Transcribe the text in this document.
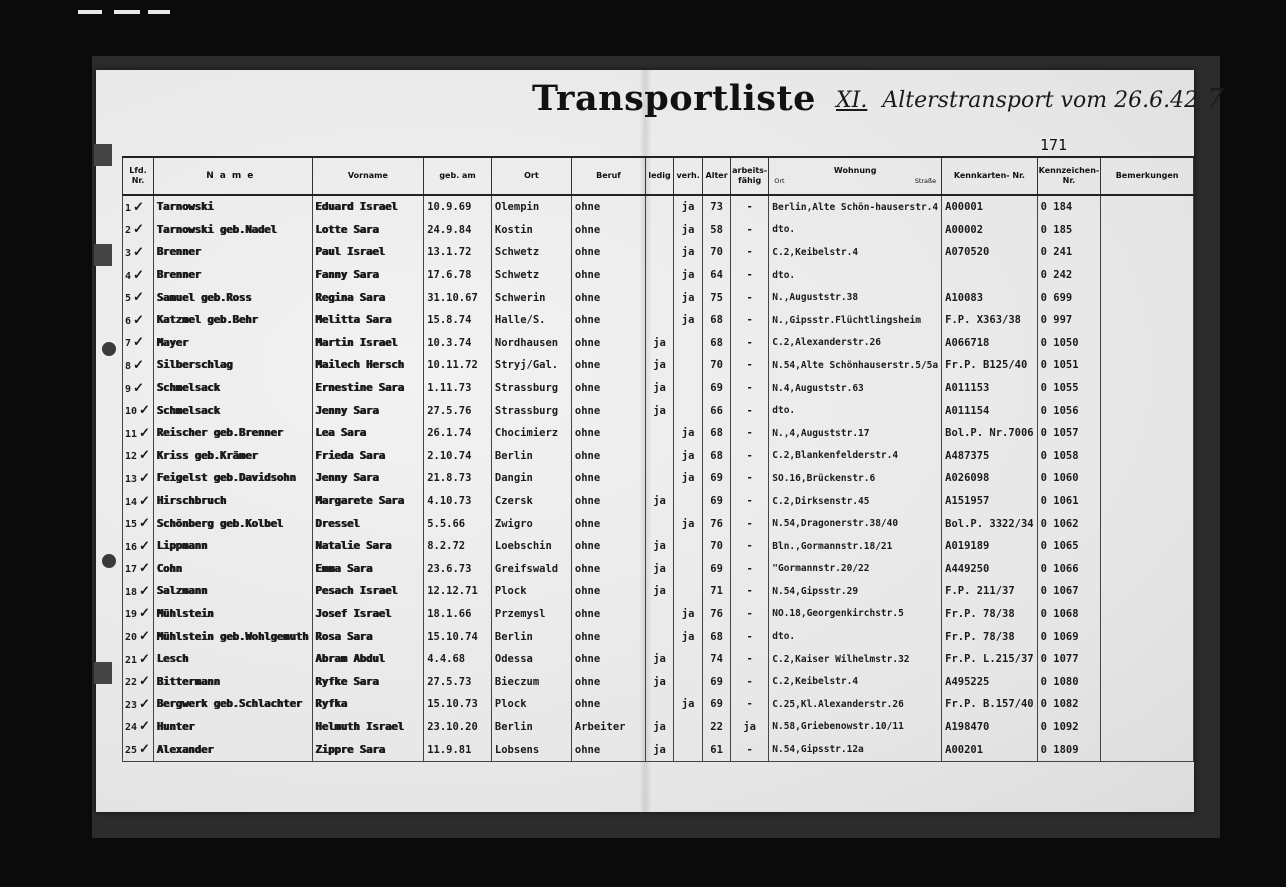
Transportliste XI. Alterstransport vom 26.6.42 7
171
Lfd. Nr.	Name	Vorname	geb. am	Ort	Beruf	ledig	verh.	Alter	arbeits- fähig	Wohnung
Ort Straße	Kennkarten- Nr.	Kennzeichen- Nr.	Bemerkungen
1 ✓	Tarnowski	Eduard Israel	10.9.69	Olempin	ohne		ja	73	-	Berlin,Alte Schön-hauserstr.4	A00001	0 184	
2 ✓	Tarnowski geb.Nadel	Lotte Sara	24.9.84	Kostin	ohne		ja	58	-	dto.	A00002	0 185	
3 ✓	Brenner	Paul Israel	13.1.72	Schwetz	ohne		ja	70	-	C.2,Keibelstr.4	A070520	0 241	
4 ✓	Brenner	Fanny Sara	17.6.78	Schwetz	ohne		ja	64	-	dto.		0 242	
5 ✓	Samuel geb.Ross	Regina Sara	31.10.67	Schwerin	ohne		ja	75	-	N.,Auguststr.38	A10083	0 699	
6 ✓	Katzmel geb.Behr	Melitta Sara	15.8.74	Halle/S.	ohne		ja	68	-	N.,Gipsstr.Flüchtlingsheim	F.P. X363/38	0 997	
7 ✓	Mayer	Martin Israel	10.3.74	Nordhausen	ohne	ja		68	-	C.2,Alexanderstr.26	A066718	0 1050	
8 ✓	Silberschlag	Mailech Hersch	10.11.72	Stryj/Gal.	ohne	ja		70	-	N.54,Alte Schönhauserstr.5/5a	Fr.P. B125/40	0 1051	
9 ✓	Schmelsack	Ernestine Sara	1.11.73	Strassburg	ohne	ja		69	-	N.4,Auguststr.63	A011153	0 1055	
10 ✓	Schmelsack	Jenny Sara	27.5.76	Strassburg	ohne	ja		66	-	dto.	A011154	0 1056	
11 ✓	Reischer geb.Brenner	Lea Sara	26.1.74	Chocimierz	ohne		ja	68	-	N.,4,Auguststr.17	Bol.P. Nr.7006	0 1057	
12 ✓	Kriss geb.Krämer	Frieda Sara	2.10.74	Berlin	ohne		ja	68	-	C.2,Blankenfelderstr.4	A487375	0 1058	
13 ✓	Feigelst geb.Davidsohn	Jenny Sara	21.8.73	Dangin	ohne		ja	69	-	SO.16,Brückenstr.6	A026098	0 1060	
14 ✓	Hirschbruch	Margarete Sara	4.10.73	Czersk	ohne	ja		69	-	C.2,Dirksenstr.45	A151957	0 1061	
15 ✓	Schönberg geb.Kolbel	Dressel	5.5.66	Zwigro	ohne		ja	76	-	N.54,Dragonerstr.38/40	Bol.P. 3322/34	0 1062	
16 ✓	Lippmann	Natalie Sara	8.2.72	Loebschin	ohne	ja		70	-	Bln.,Gormannstr.18/21	A019189	0 1065	
17 ✓	Cohn	Emma Sara	23.6.73	Greifswald	ohne	ja		69	-	"Gormannstr.20/22	A449250	0 1066	
18 ✓	Salzmann	Pesach Israel	12.12.71	Plock	ohne	ja		71	-	N.54,Gipsstr.29	F.P. 211/37	0 1067	
19 ✓	Mühlstein	Josef Israel	18.1.66	Przemysl	ohne		ja	76	-	NO.18,Georgenkirchstr.5	Fr.P. 78/38	0 1068	
20 ✓	Mühlstein geb.Wohlgemuth	Rosa Sara	15.10.74	Berlin	ohne		ja	68	-	dto.	Fr.P. 78/38	0 1069	
21 ✓	Lesch	Abram Abdul	4.4.68	Odessa	ohne	ja		74	-	C.2,Kaiser Wilhelmstr.32	Fr.P. L.215/37	0 1077	
22 ✓	Bittermann	Ryfke Sara	27.5.73	Bieczum	ohne	ja		69	-	C.2,Keibelstr.4	A495225	0 1080	
23 ✓	Bergwerk geb.Schlachter	Ryfka	15.10.73	Plock	ohne		ja	69	-	C.25,Kl.Alexanderstr.26	Fr.P. B.157/40	0 1082	
24 ✓	Hunter	Helmuth Israel	23.10.20	Berlin	Arbeiter	ja		22	ja	N.58,Griebenowstr.10/11	A198470	0 1092	
25 ✓	Alexander	Zippre Sara	11.9.81	Lobsens	ohne	ja		61	-	N.54,Gipsstr.12a	A00201	0 1809	
